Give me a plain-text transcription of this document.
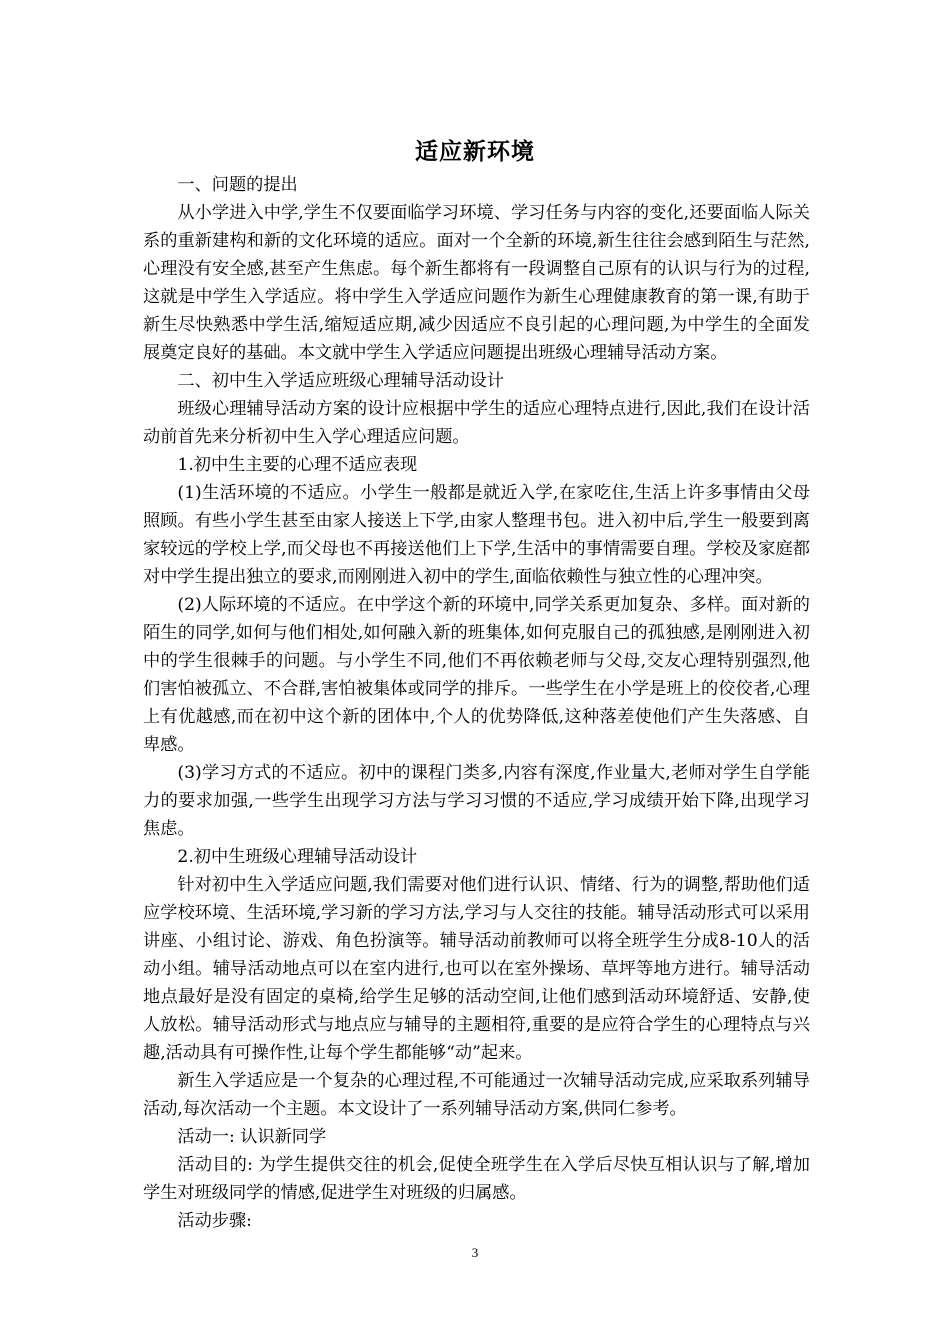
适应新环境

一、问题的提出

从小学进入中学,学生不仅要面临学习环境、学习任务与内容的变化,还要面临人际关系的重新建构和新的文化环境的适应。面对一个全新的环境,新生往往会感到陌生与茫然,心理没有安全感,甚至产生焦虑。每个新生都将有一段调整自己原有的认识与行为的过程,这就是中学生入学适应。将中学生入学适应问题作为新生心理健康教育的第一课,有助于新生尽快熟悉中学生活,缩短适应期,减少因适应不良引起的心理问题,为中学生的全面发展奠定良好的基础。本文就中学生入学适应问题提出班级心理辅导活动方案。

二、初中生入学适应班级心理辅导活动设计

班级心理辅导活动方案的设计应根据中学生的适应心理特点进行,因此,我们在设计活动前首先来分析初中生入学心理适应问题。

1.初中生主要的心理不适应表现

(1)生活环境的不适应。小学生一般都是就近入学,在家吃住,生活上许多事情由父母照顾。有些小学生甚至由家人接送上下学,由家人整理书包。进入初中后,学生一般要到离家较远的学校上学,而父母也不再接送他们上下学,生活中的事情需要自理。学校及家庭都对中学生提出独立的要求,而刚刚进入初中的学生,面临依赖性与独立性的心理冲突。

(2)人际环境的不适应。在中学这个新的环境中,同学关系更加复杂、多样。面对新的陌生的同学,如何与他们相处,如何融入新的班集体,如何克服自己的孤独感,是刚刚进入初中的学生很棘手的问题。与小学生不同,他们不再依赖老师与父母,交友心理特别强烈,他们害怕被孤立、不合群,害怕被集体或同学的排斥。一些学生在小学是班上的佼佼者,心理上有优越感,而在初中这个新的团体中,个人的优势降低,这种落差使他们产生失落感、自卑感。

(3)学习方式的不适应。初中的课程门类多,内容有深度,作业量大,老师对学生自学能力的要求加强,一些学生出现学习方法与学习习惯的不适应,学习成绩开始下降,出现学习焦虑。

2.初中生班级心理辅导活动设计

针对初中生入学适应问题,我们需要对他们进行认识、情绪、行为的调整,帮助他们适应学校环境、生活环境,学习新的学习方法,学习与人交往的技能。辅导活动形式可以采用讲座、小组讨论、游戏、角色扮演等。辅导活动前教师可以将全班学生分成8-10人的活动小组。辅导活动地点可以在室内进行,也可以在室外操场、草坪等地方进行。辅导活动地点最好是没有固定的桌椅,给学生足够的活动空间,让他们感到活动环境舒适、安静,使人放松。辅导活动形式与地点应与辅导的主题相符,重要的是应符合学生的心理特点与兴趣,活动具有可操作性,让每个学生都能够“动”起来。

新生入学适应是一个复杂的心理过程,不可能通过一次辅导活动完成,应采取系列辅导活动,每次活动一个主题。本文设计了一系列辅导活动方案,供同仁参考。

活动一: 认识新同学

活动目的: 为学生提供交往的机会,促使全班学生在入学后尽快互相认识与了解,增加学生对班级同学的情感,促进学生对班级的归属感。

活动步骤:

3
